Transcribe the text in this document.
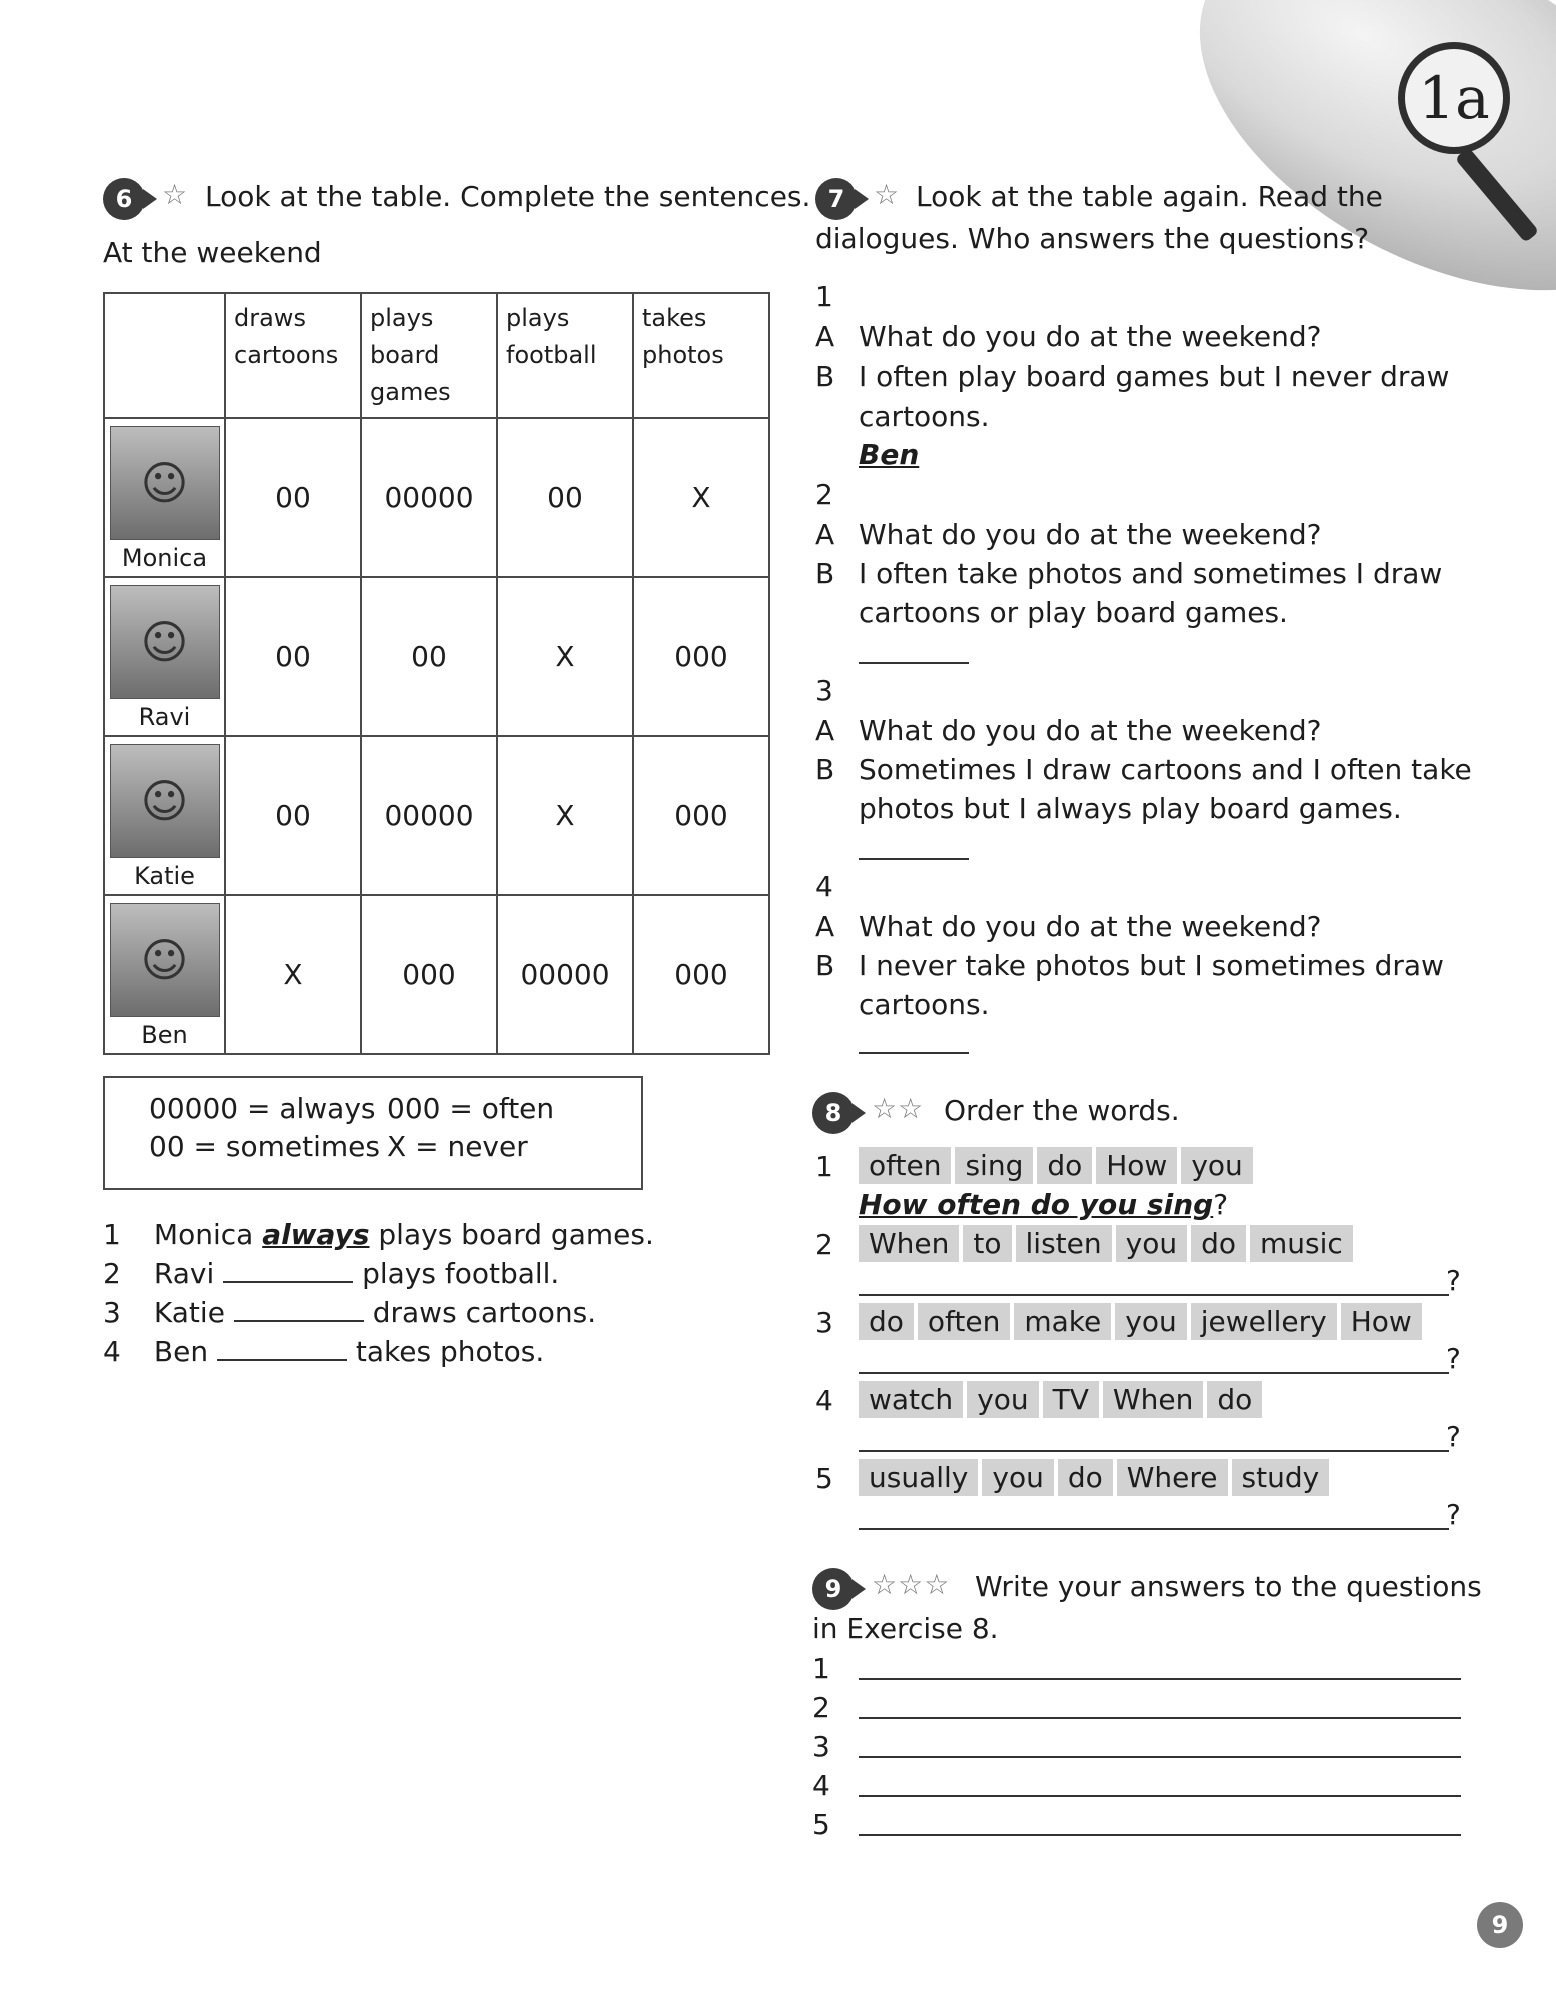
1a
6	☆ Look at the table. Complete the sentences.
At the weekend
	draws cartoons	plays board games	plays football	takes photos

☺
Monica	00	00000	00	X

☺
Ravi	00	00	X	000

☺
Katie	00	00000	X	000

☺
Ben	X	000	00000	000
00000 = always 000 = often
00 = sometimes X = never
1 Monica always plays board games.
2 Ravi	plays football.
3 Katie	draws cartoons.
4 Ben	takes photos.
7	☆ Look at the table again. Read the
dialogues. Who answers the questions?
1
A What do you do at the weekend?
B I often play board games but I never draw
cartoons.
Ben
2
A What do you do at the weekend?
B I often take photos and sometimes I draw
cartoons or play board games.
3
A What do you do at the weekend?
B Sometimes I draw cartoons and I often take
photos but I always play board games.
4
A What do you do at the weekend?
B I never take photos but I sometimes draw
cartoons.
8	☆☆ Order the words.
1	often sing do How you
How often do you sing?
2	When to listen you do music
?
3	do often make you jewellery How
?
4	watch you TV When do
?
5	usually you do Where study
?
9	☆☆☆ Write your answers to the questions
in Exercise 8.
1
2
3
4
5
9
